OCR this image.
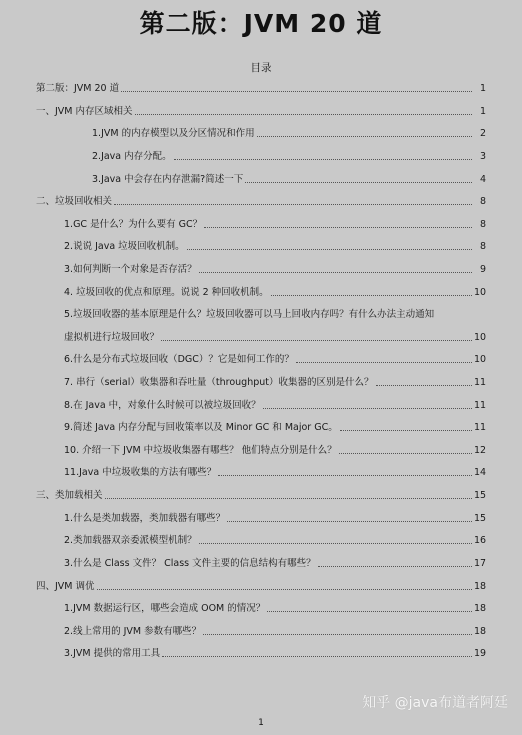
第二版：JVM 20 道
目录
第二版：JVM 20 道	1
一、JVM 内存区域相关	1
1.JVM 的内存模型以及分区情况和作用	2
2.Java 内存分配。	3
3.Java 中会存在内存泄漏?简述一下	4
二、垃圾回收相关	8
1.GC 是什么？为什么要有 GC？	8
2.说说 Java 垃圾回收机制。	8
3.如何判断一个对象是否存活？	9
4. 垃圾回收的优点和原理。说说 2 种回收机制。	10
5.垃圾回收器的基本原理是什么？垃圾回收器可以马上回收内存吗？有什么办法主动通知
虚拟机进行垃圾回收？	10
6.什么是分布式垃圾回收（DGC）？它是如何工作的？	10
7. 串行（serial）收集器和吞吐量（throughput）收集器的区别是什么？	11
8.在 Java 中，对象什么时候可以被垃圾回收？	11
9.简述 Java 内存分配与回收策率以及 Minor GC 和 Major GC。	11
10. 介绍一下 JVM 中垃圾收集器有哪些？ 他们特点分别是什么？	12
11.Java 中垃圾收集的方法有哪些？	14
三、类加载相关	15
1.什么是类加载器，类加载器有哪些？	15
2.类加载器双亲委派模型机制？	16
3.什么是 Class 文件？ Class 文件主要的信息结构有哪些？	17
四、JVM 调优	18
1.JVM 数据运行区，哪些会造成 OOM 的情况？	18
2.线上常用的 JVM 参数有哪些？	18
3.JVM 提供的常用工具	19
知乎 @java布道者阿廷
1
